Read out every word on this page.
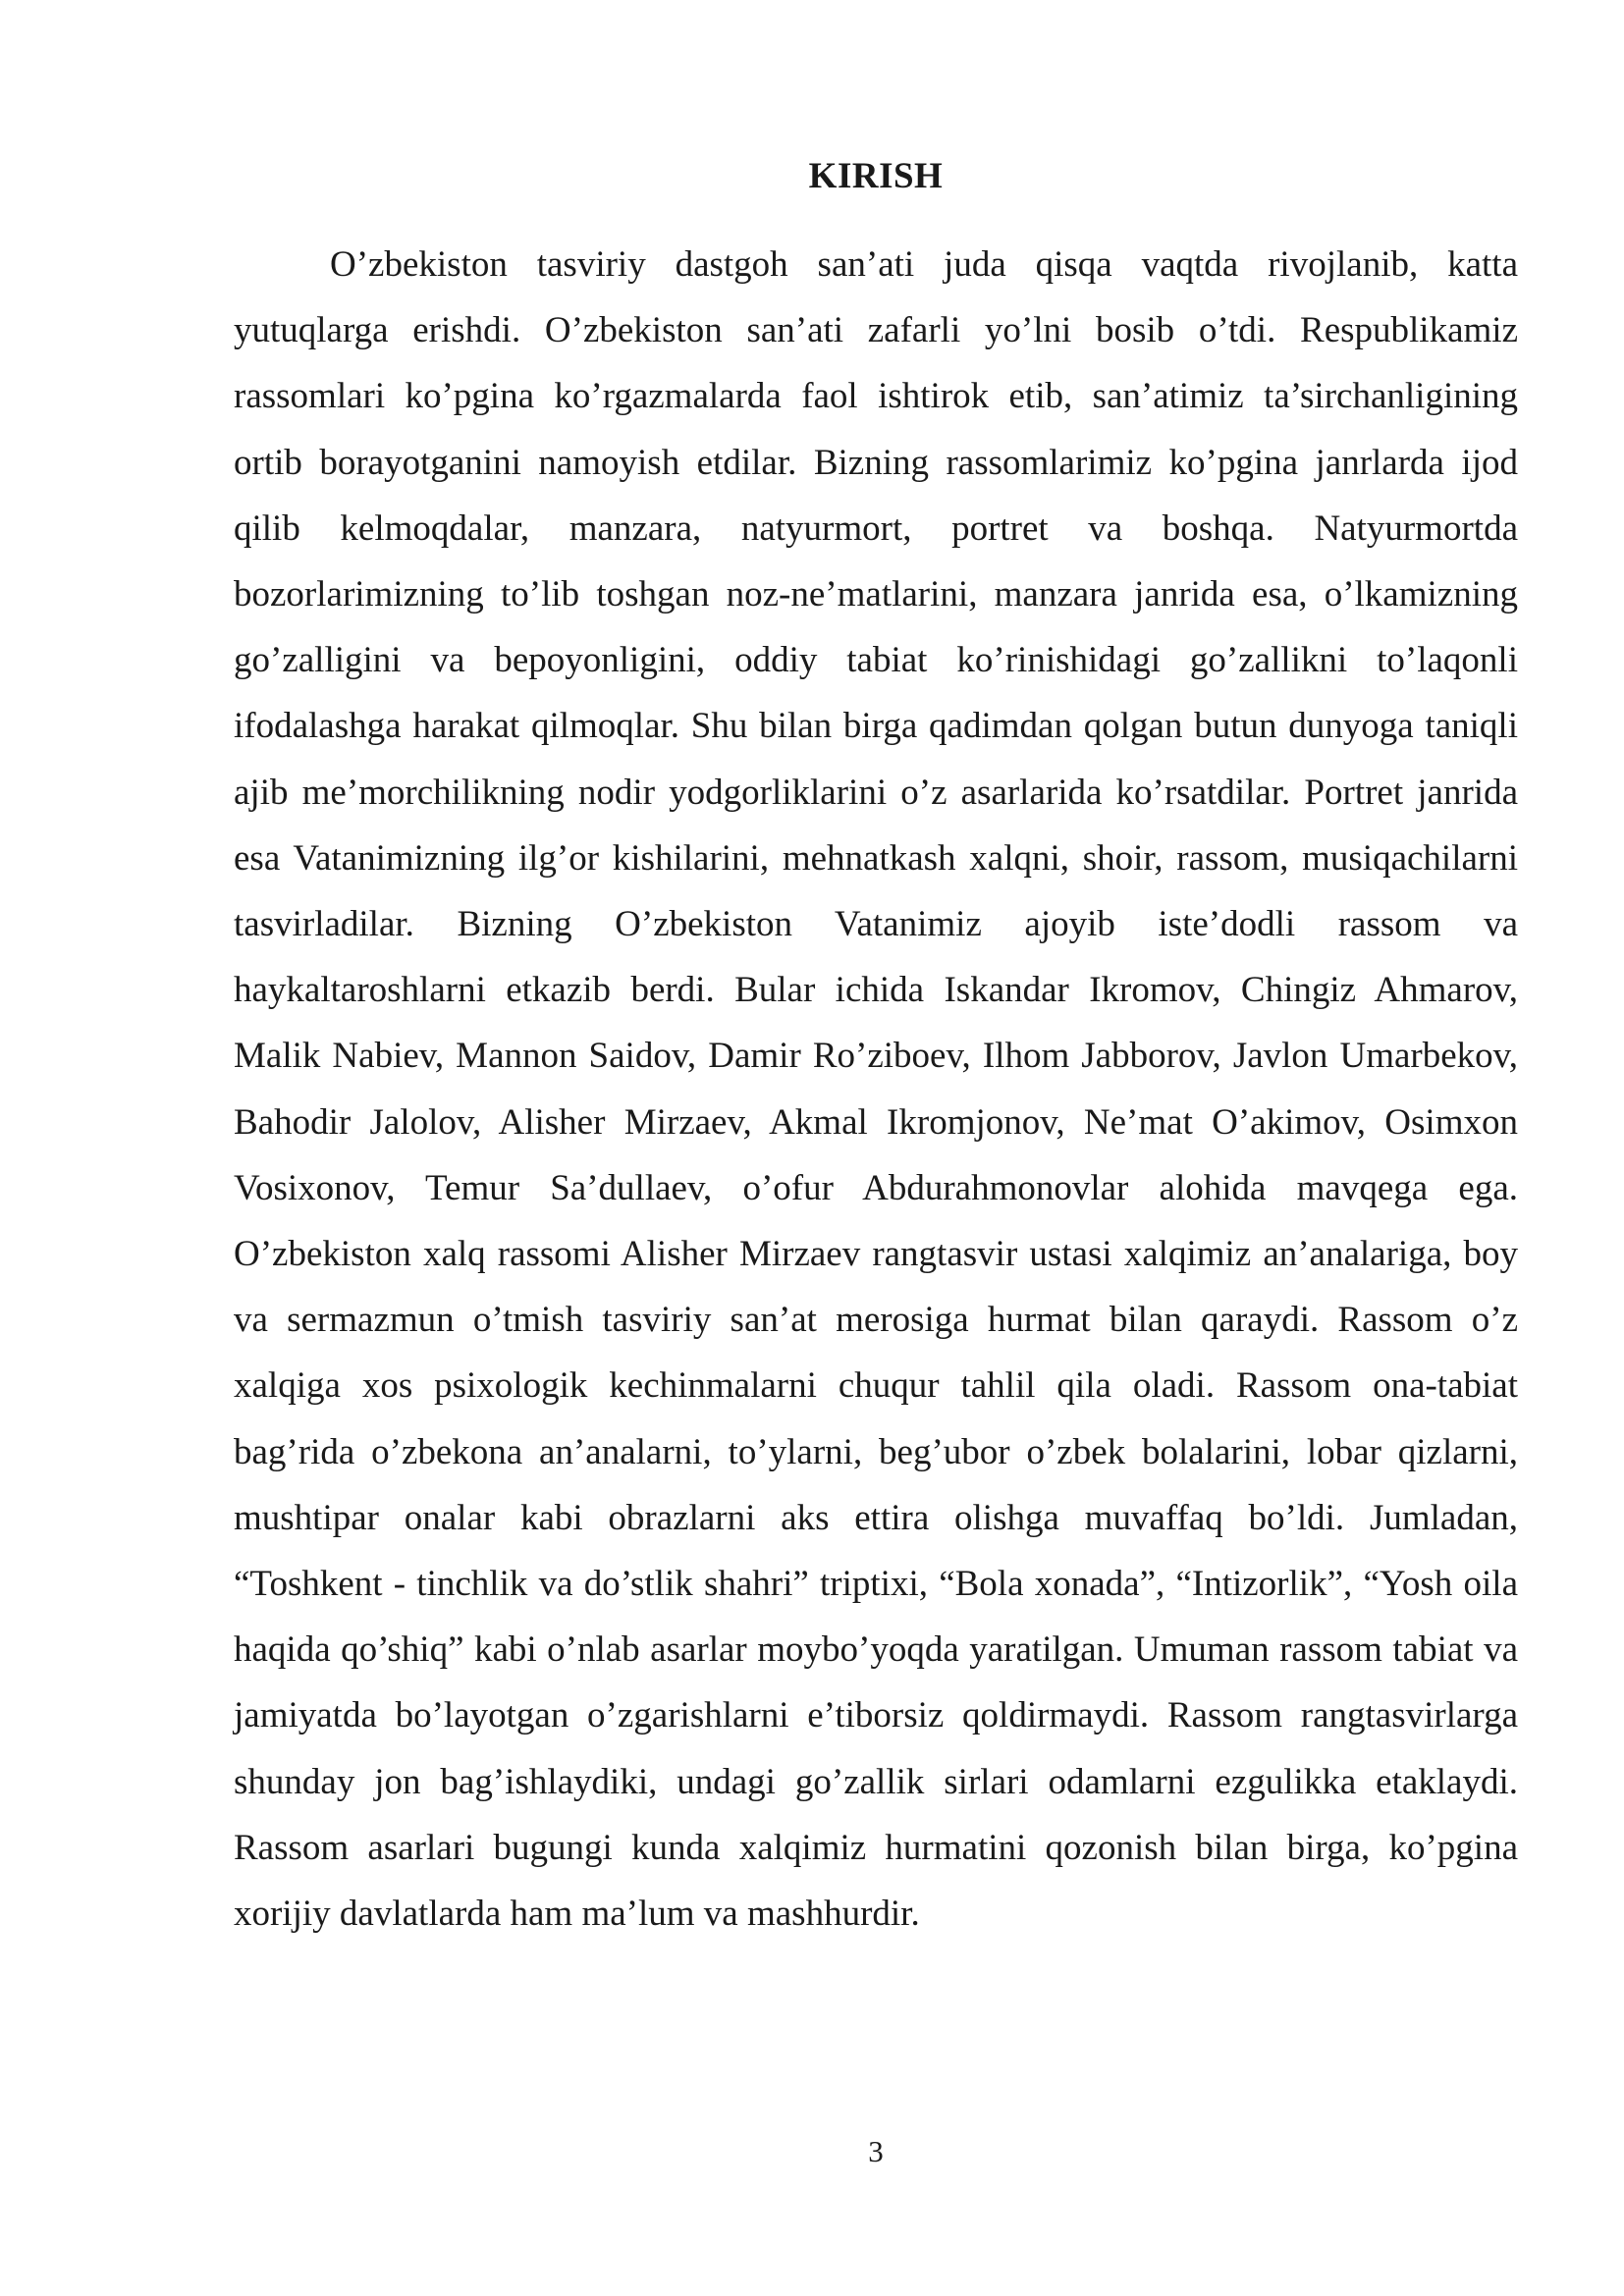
KIRISH

O’zbekiston tasviriy dastgoh san’ati juda qisqa vaqtda rivojlanib, katta yutuqlarga erishdi. O’zbekiston san’ati zafarli yo’lni bosib o’tdi. Respublikamiz rassomlari ko’pgina ko’rgazmalarda faol ishtirok etib, san’atimiz ta’sirchanligining ortib borayotganini namoyish etdilar. Bizning rassomlarimiz ko’pgina janrlarda ijod qilib kelmoqdalar, manzara, natyurmort, portret va boshqa. Natyurmortda bozorlarimizning to’lib toshgan noz-ne’matlarini, manzara janrida esa, o’lkamizning go’zalligini va bepoyonligini, oddiy tabiat ko’rinishidagi go’zallikni to’laqonli ifodalashga harakat qilmoqlar. Shu bilan birga qadimdan qolgan butun dunyoga taniqli ajib me’morchilikning nodir yodgorliklarini o’z asarlarida ko’rsatdilar. Portret janrida esa Vatanimizning ilg’or kishilarini, mehnatkash xalqni, shoir, rassom, musiqachilarni tasvirladilar. Bizning O’zbekiston Vatanimiz ajoyib iste’dodli rassom va haykaltaroshlarni etkazib berdi. Bular ichida Iskandar Ikromov, Chingiz Ahmarov, Malik Nabiev, Mannon Saidov, Damir Ro’ziboev, Ilhom Jabborov, Javlon Umarbekov, Bahodir Jalolov, Alisher Mirzaev, Akmal Ikromjonov, Ne’mat O’akimov, Osimxon Vosixonov, Temur Sa’dullaev, o’ofur Abdurahmonovlar alohida mavqega ega. O’zbekiston xalq rassomi Alisher Mirzaev rangtasvir ustasi xalqimiz an’analariga, boy va sermazmun o’tmish tasviriy san’at merosiga hurmat bilan qaraydi. Rassom o’z xalqiga xos psixologik kechinmalarni chuqur tahlil qila oladi. Rassom ona-tabiat bag’rida o’zbekona an’analarni, to’ylarni, beg’ubor o’zbek bolalarini, lobar qizlarni, mushtipar onalar kabi obrazlarni aks ettira olishga muvaffaq bo’ldi. Jumladan, “Toshkent - tinchlik va do’stlik shahri” triptixi, “Bola xonada”, “Intizorlik”, “Yosh oila haqida qo’shiq” kabi o’nlab asarlar moybo’yoqda yaratilgan. Umuman rassom tabiat va jamiyatda bo’layotgan o’zgarishlarni e’tiborsiz qoldirmaydi. Rassom rangtasvirlarga shunday jon bag’ishlaydiki, undagi go’zallik sirlari odamlarni ezgulikka etaklaydi. Rassom asarlari bugungi kunda xalqimiz hurmatini qozonish bilan birga, ko’pgina xorijiy davlatlarda ham ma’lum va mashhurdir.

3
